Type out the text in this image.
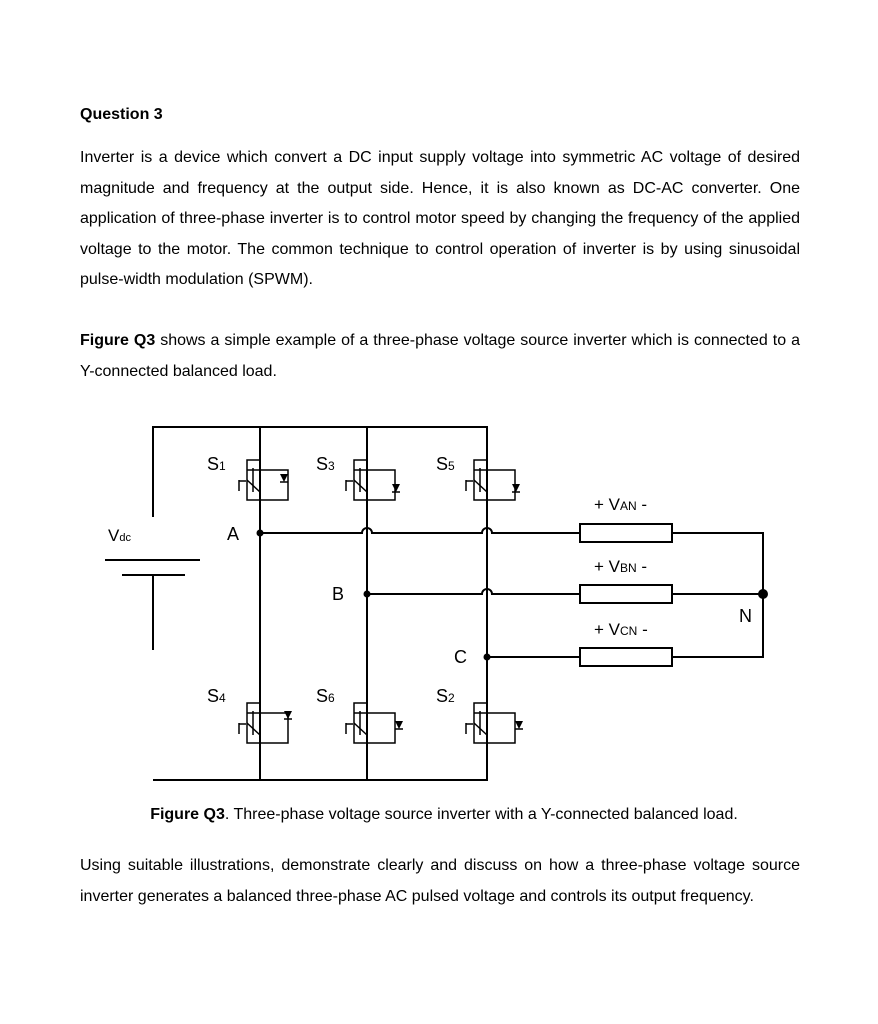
Question 3

Inverter is a device which convert a DC input supply voltage into symmetric AC voltage of desired magnitude and frequency at the output side. Hence, it is also known as DC-AC converter. One application of three-phase inverter is to control motor speed by changing the frequency of the applied voltage to the motor. The common technique to control operation of inverter is by using sinusoidal pulse-width modulation (SPWM).

Figure Q3 shows a simple example of a three-phase voltage source inverter which is connected to a Y-connected balanced load.

Vdc
S1	S3	S5
S4	S6	S2
A
B
C
N
+ VAN -
+ VBN -
+ VCN -
Figure Q3. Three-phase voltage source inverter with a Y-connected balanced load.

Using suitable illustrations, demonstrate clearly and discuss on how a three-phase voltage source inverter generates a balanced three-phase AC pulsed voltage and controls its output frequency.
